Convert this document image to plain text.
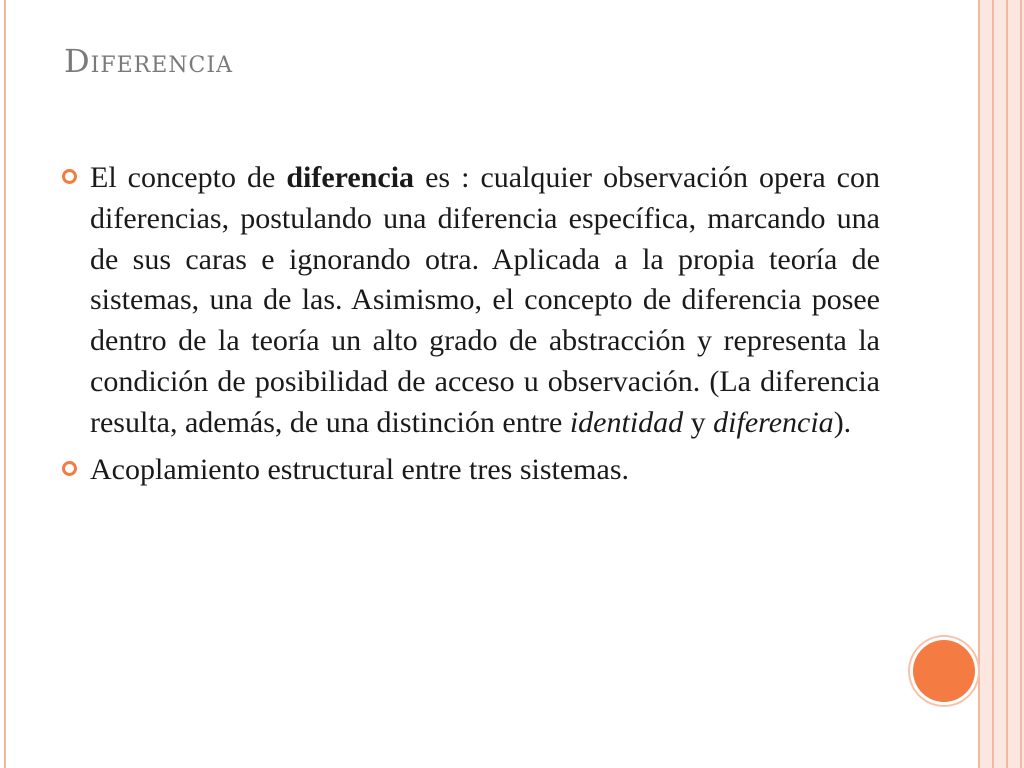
Diferencia

El concepto de diferencia es : cualquier observación opera con diferencias, postulando una diferencia específica, marcando una de sus caras e ignorando otra. Aplicada a la propia teoría de sistemas, una de las. Asimismo, el concepto de diferencia posee dentro de la teoría un alto grado de abstracción y representa la condición de posibilidad de acceso u observación. (La diferencia resulta, además, de una distinción entre identidad y diferencia).

Acoplamiento estructural entre tres sistemas.
